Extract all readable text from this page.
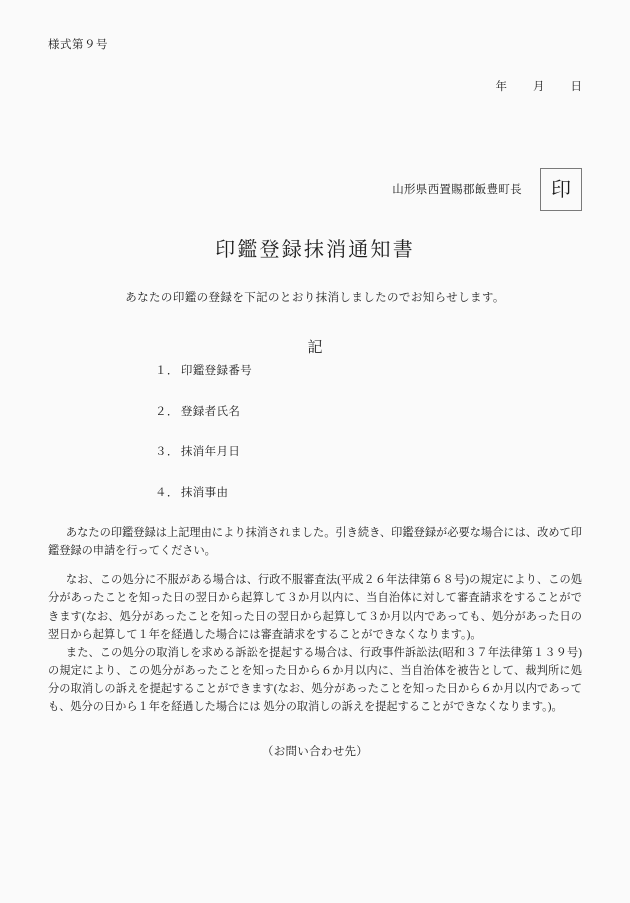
様式第９号
年 月 日
山形県西置賜郡飯豊町長 印
印鑑登録抹消通知書
あなたの印鑑の登録を下記のとおり抹消しましたのでお知らせします。
記
１． 印鑑登録番号
２． 登録者氏名
３． 抹消年月日
４． 抹消事由

あなたの印鑑登録は上記理由により抹消されました。引き続き、印鑑登録が必要な場合には、改めて印鑑登録の申請を行ってください。

なお、この処分に不服がある場合は、行政不服審査法(平成２６年法律第６８号)の規定により、この処分があったことを知った日の翌日から起算して３か月以内に、当自治体に対して審査請求をすることができます(なお、処分があったことを知った日の翌日から起算して３か月以内であっても、処分があった日の翌日から起算して１年を経過した場合には審査請求をすることができなくなります。)。

また、この処分の取消しを求める訴訟を提起する場合は、行政事件訴訟法(昭和３７年法律第１３９号)の規定により、この処分があったことを知った日から６か月以内に、当自治体を被告として、裁判所に処分の取消しの訴えを提起することができます(なお、処分があったことを知った日から６か月以内であっても、処分の日から１年を経過した場合には 処分の取消しの訴えを提起することができなくなります。)。

（お問い合わせ先）
